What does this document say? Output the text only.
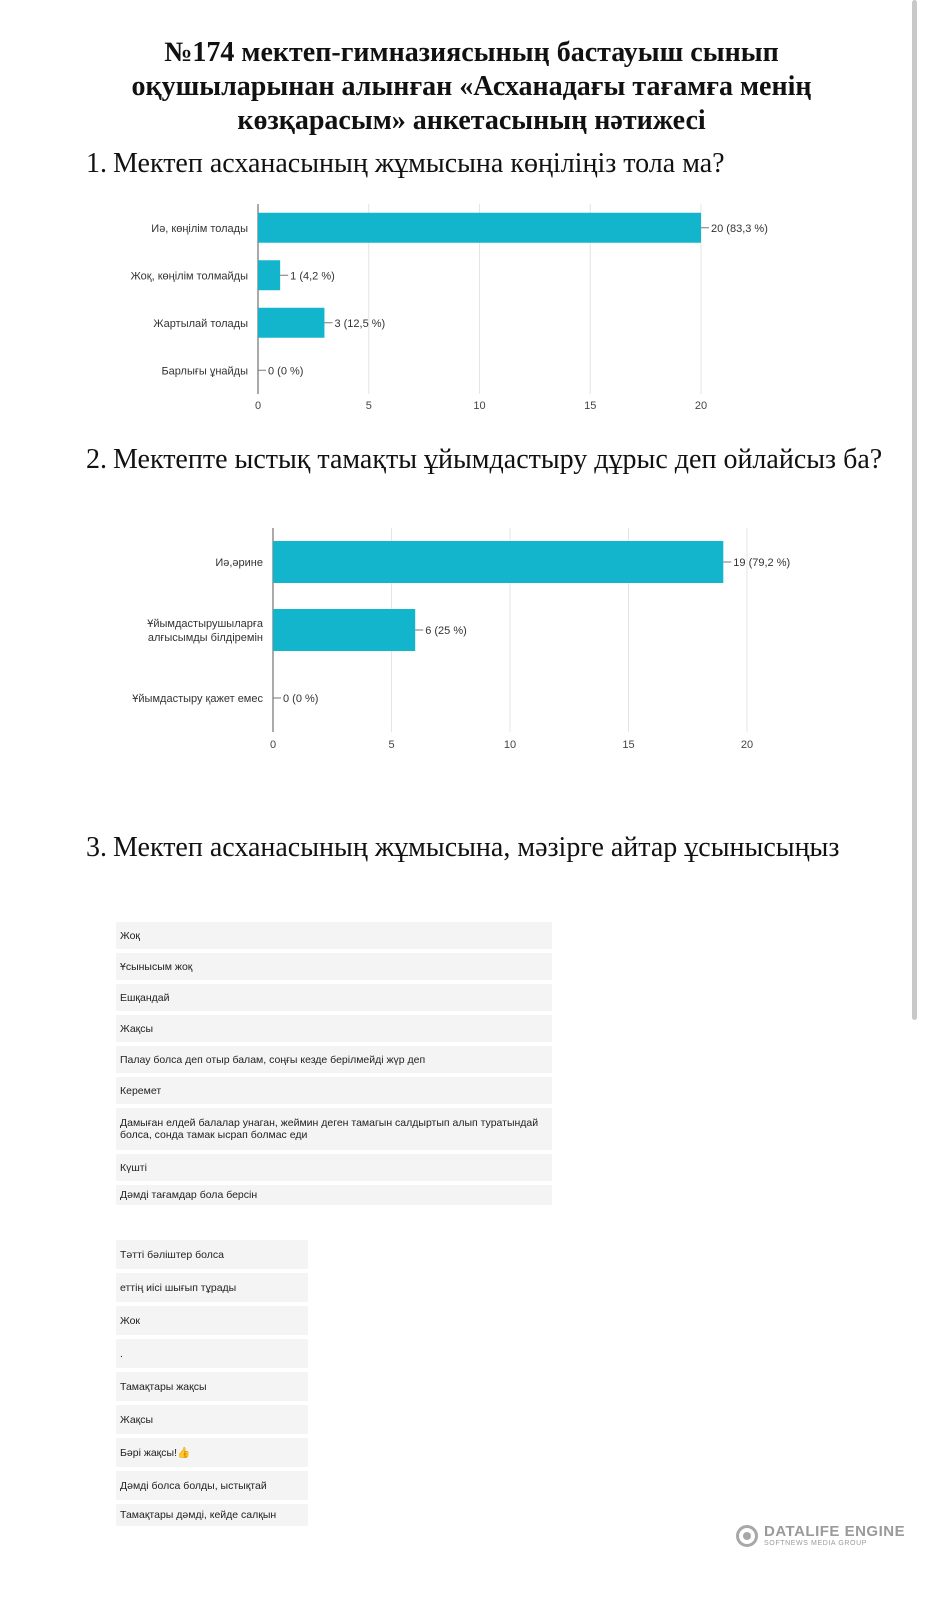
№174 мектеп-гимназиясының бастауыш сынып оқушыларынан алынған «Асханадағы тағамға менің көзқарасым» анкетасының нәтижесі
1. Мектеп асханасының жұмысына көңіліңіз тола ма?
0	5	10	15	20
20 (83,3 %)
Иә, көңілім толады
1 (4,2 %)
Жоқ, көңілім толмайды
3 (12,5 %)
Жартылай толады
0 (0 %)
Барлығы ұнайды
2. Мектепте ыстық тамақты ұйымдастыру дұрыс деп ойлайсыз ба?
0	5	10	15	20
19 (79,2 %)
Иә,әрине
6 (25 %)
Ұйымдастырушыларға
алғысымды білдіремін
0 (0 %)
Ұйымдастыру қажет емес
3. Мектеп асханасының жұмысына, мәзірге айтар ұсынысыңыз
Жоқ
Ұсынысым жоқ
Ешқандай
Жақсы
Палау болса деп отыр балам, соңғы кезде берілмейді жүр деп
Керемет
Дамыған елдей балалар унаган, жеймин деген тамагын салдыртып алып туратындай болса, сонда тамак ысрап болмас еди
Күшті
Дәмді тағамдар бола берсін
Тәтті бәліштер болса
еттің иісі шығып тұрады
Жок
.
Тамақтары жақсы
Жақсы
Бәрі жақсы!👍
Дәмді болса болды, ыстықтай
Тамақтары дәмді, кейде салқын
DATALIFE ENGINE
SOFTNEWS MEDIA GROUP
